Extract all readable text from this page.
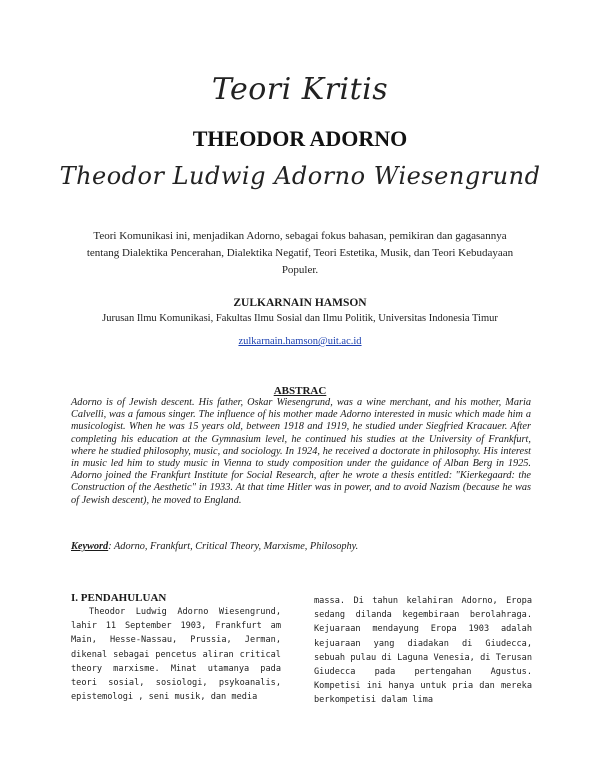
Teori Kritis
THEODOR ADORNO
Theodor Ludwig Adorno Wiesengrund
Teori Komunikasi ini, menjadikan Adorno, sebagai fokus bahasan, pemikiran dan gagasannya tentang Dialektika Pencerahan, Dialektika Negatif, Teori Estetika, Musik, dan Teori Kebudayaan Populer.
ZULKARNAIN HAMSON
Jurusan Ilmu Komunikasi, Fakultas Ilmu Sosial dan Ilmu Politik, Universitas Indonesia Timur
zulkarnain.hamson@uit.ac.id
ABSTRAC
Adorno is of Jewish descent. His father, Oskar Wiesengrund, was a wine merchant, and his mother, Maria Calvelli, was a famous singer. The influence of his mother made Adorno interested in music which made him a musicologist. When he was 15 years old, between 1918 and 1919, he studied under Siegfried Kracauer. After completing his education at the Gymnasium level, he continued his studies at the University of Frankfurt, where he studied philosophy, music, and sociology. In 1924, he received a doctorate in philosophy. His interest in music led him to study music in Vienna to study composition under the guidance of Alban Berg in 1925. Adorno joined the Frankfurt Institute for Social Research, after he wrote a thesis entitled: "Kierkegaard: the Construction of the Aesthetic" in 1933. At that time Hitler was in power, and to avoid Nazism (because he was of Jewish descent), he moved to England.
Keyword: Adorno, Frankfurt, Critical Theory, Marxisme, Philosophy.
I. PENDAHULUAN
Theodor Ludwig Adorno Wiesengrund, lahir 11 September 1903, Frankfurt am Main, Hesse-Nassau, Prussia, Jerman, dikenal sebagai pencetus aliran critical theory marxisme. Minat utamanya pada teori sosial, sosiologi, psykoanalis, epistemologi , seni musik, dan media
massa. Di tahun kelahiran Adorno, Eropa sedang dilanda kegembiraan berolahraga. Kejuaraan mendayung Eropa 1903 adalah kejuaraan yang diadakan di Giudecca, sebuah pulau di Laguna Venesia, di Terusan Giudecca pada pertengahan Agustus. Kompetisi ini hanya untuk pria dan mereka berkompetisi dalam lima
